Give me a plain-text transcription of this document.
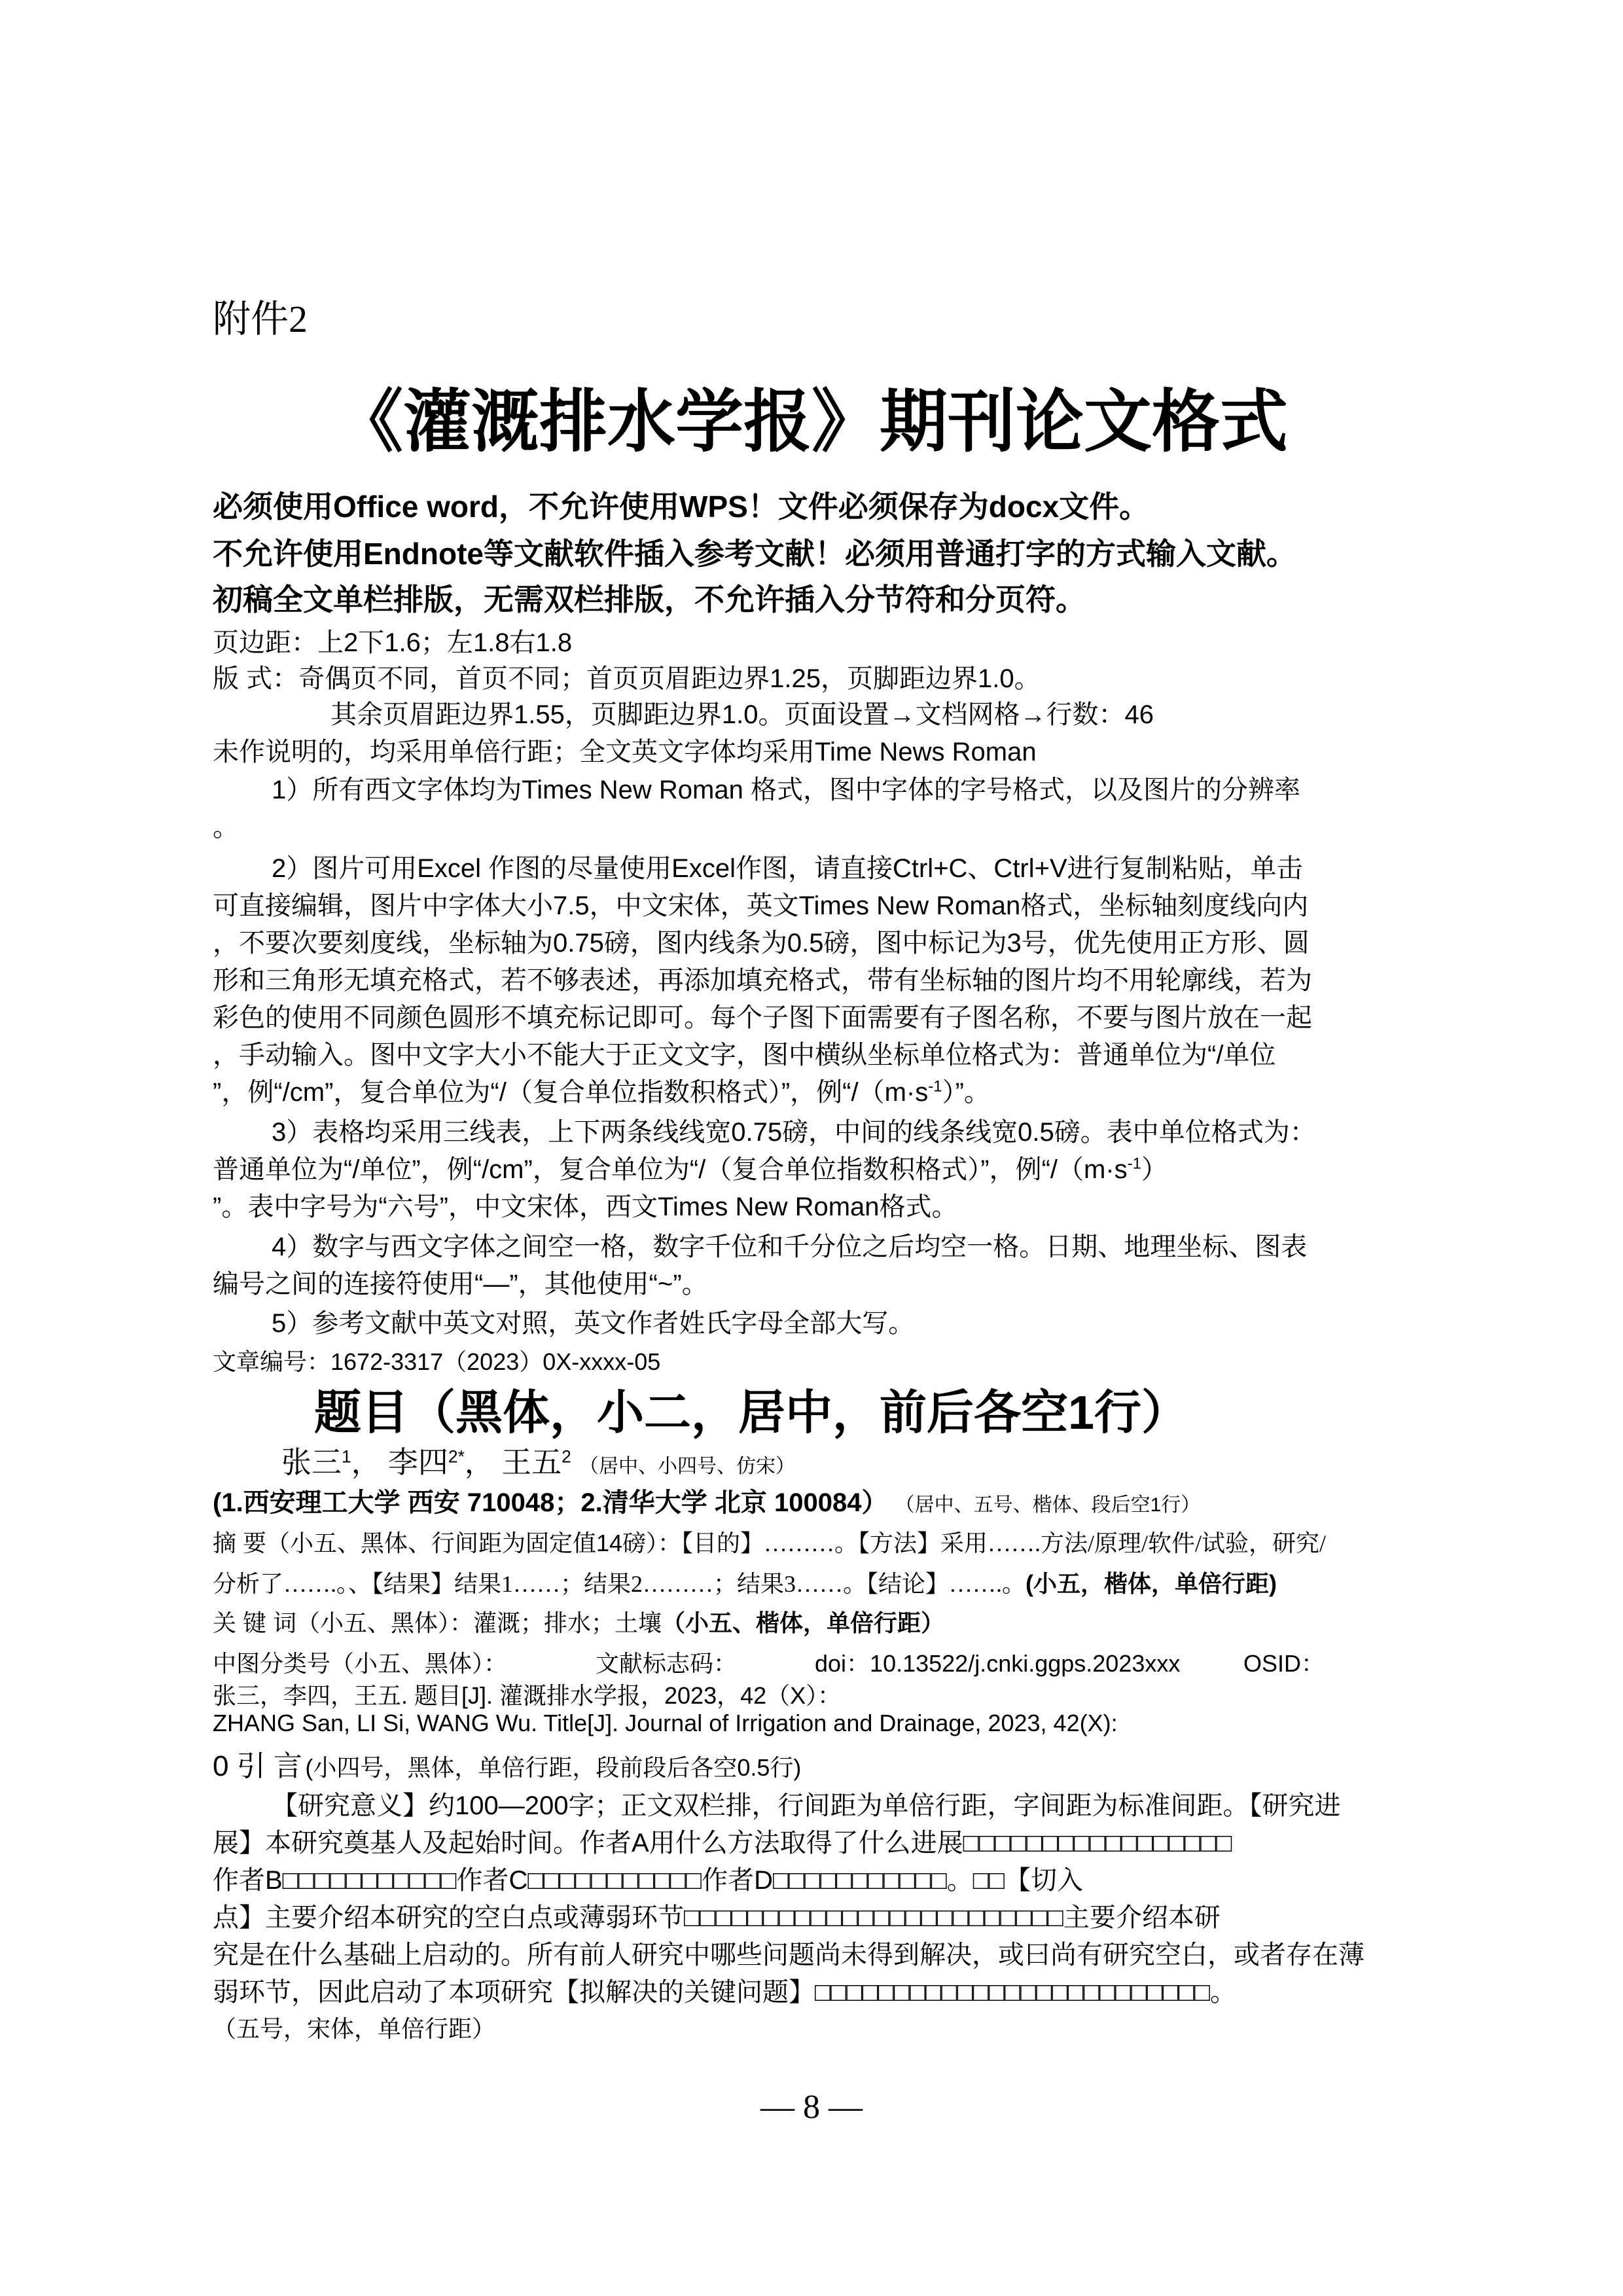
附件2
《灌溉排水学报》期刊论文格式
必须使用Office word，不允许使用WPS！文件必须保存为docx文件。
不允许使用Endnote等文献软件插入参考文献！必须用普通打字的方式输入文献。
初稿全文单栏排版，无需双栏排版，不允许插入分节符和分页符。
页边距：上2下1.6；左1.8右1.8
版 式：奇偶页不同，首页不同；首页页眉距边界1.25，页脚距边界1.0。
其余页眉距边界1.55，页脚距边界1.0。页面设置→文档网格→行数：46
未作说明的，均采用单倍行距；全文英文字体均采用Time News Roman
1）所有西文字体均为Times New Roman 格式，图中字体的字号格式，以及图片的分辨率
。
2）图片可用Excel 作图的尽量使用Excel作图，请直接Ctrl+C、Ctrl+V进行复制粘贴，单击
可直接编辑，图片中字体大小7.5，中文宋体，英文Times New Roman格式，坐标轴刻度线向内
，不要次要刻度线，坐标轴为0.75磅，图内线条为0.5磅，图中标记为3号，优先使用正方形、圆
形和三角形无填充格式，若不够表述，再添加填充格式，带有坐标轴的图片均不用轮廓线，若为
彩色的使用不同颜色圆形不填充标记即可。每个子图下面需要有子图名称，不要与图片放在一起
，手动输入。图中文字大小不能大于正文文字，图中横纵坐标单位格式为：普通单位为“/单位
”，例“/cm”，复合单位为“/（复合单位指数积格式）”，例“$/(m\cdot s^{-1})$”。
3）表格均采用三线表，上下两条线线宽0.75磅，中间的线条线宽0.5磅。表中单位格式为：
普通单位为“/单位”，例“/cm”，复合单位为“/（复合单位指数积格式）”，例“$/(m\cdot s^{-1})$
”。表中字号为“六号”，中文宋体，西文Times New Roman格式。
4）数字与西文字体之间空一格，数字千位和千分位之后均空一格。日期、地理坐标、图表
编号之间的连接符使用“—”，其他使用“~”。
5）参考文献中英文对照，英文作者姓氏字母全部大写。
文章编号：1672-3317（2023）0X-xxxx-05
题目（黑体，小二，居中，前后各空1行）
张三$^1$， 李四$^{2*}$， 王五$^2$ （居中、小四号、仿宋）
(1.西安理工大学 西安 710048；2.清华大学 北京 100084） （居中、五号、楷体、段后空1行）
摘 要（小五、黑体、行间距为固定值14磅）：【目的】………。【方法】采用…….方法/原理/软件/试验，研究/
分析了…….。、【结果】结果1……；结果2………；结果3……。【结论】…….。(小五，楷体，单倍行距)
关 键 词（小五、黑体）：灌溉；排水；土壤（小五、楷体，单倍行距）
中图分类号（小五、黑体）：	文献标志码：	doi：10.13522/j.cnki.ggps.2023xxx	OSID：
张三，李四，王五. 题目[J]. 灌溉排水学报，2023，42（X）：
ZHANG San, LI Si, WANG Wu. Title[J]. Journal of Irrigation and Drainage, 2023, 42(X):
0 引 言 (小四号，黑体，单倍行距，段前段后各空0.5行)
【研究意义】约100—200字；正文双栏排，行间距为单倍行距，字间距为标准间距。【研究进
展】本研究奠基人及起始时间。作者A用什么方法取得了什么进展□□□□□□□□□□□□□□□□□
作者B□□□□□□□□□□□作者C□□□□□□□□□□□作者D□□□□□□□□□□□。□□【切入
点】主要介绍本研究的空白点或薄弱环节□□□□□□□□□□□□□□□□□□□□□□□□主要介绍本研
究是在什么基础上启动的。所有前人研究中哪些问题尚未得到解决，或曰尚有研究空白，或者存在薄
弱环节，因此启动了本项研究【拟解决的关键问题】□□□□□□□□□□□□□□□□□□□□□□□□□。
（五号，宋体，单倍行距）
— 8 —
